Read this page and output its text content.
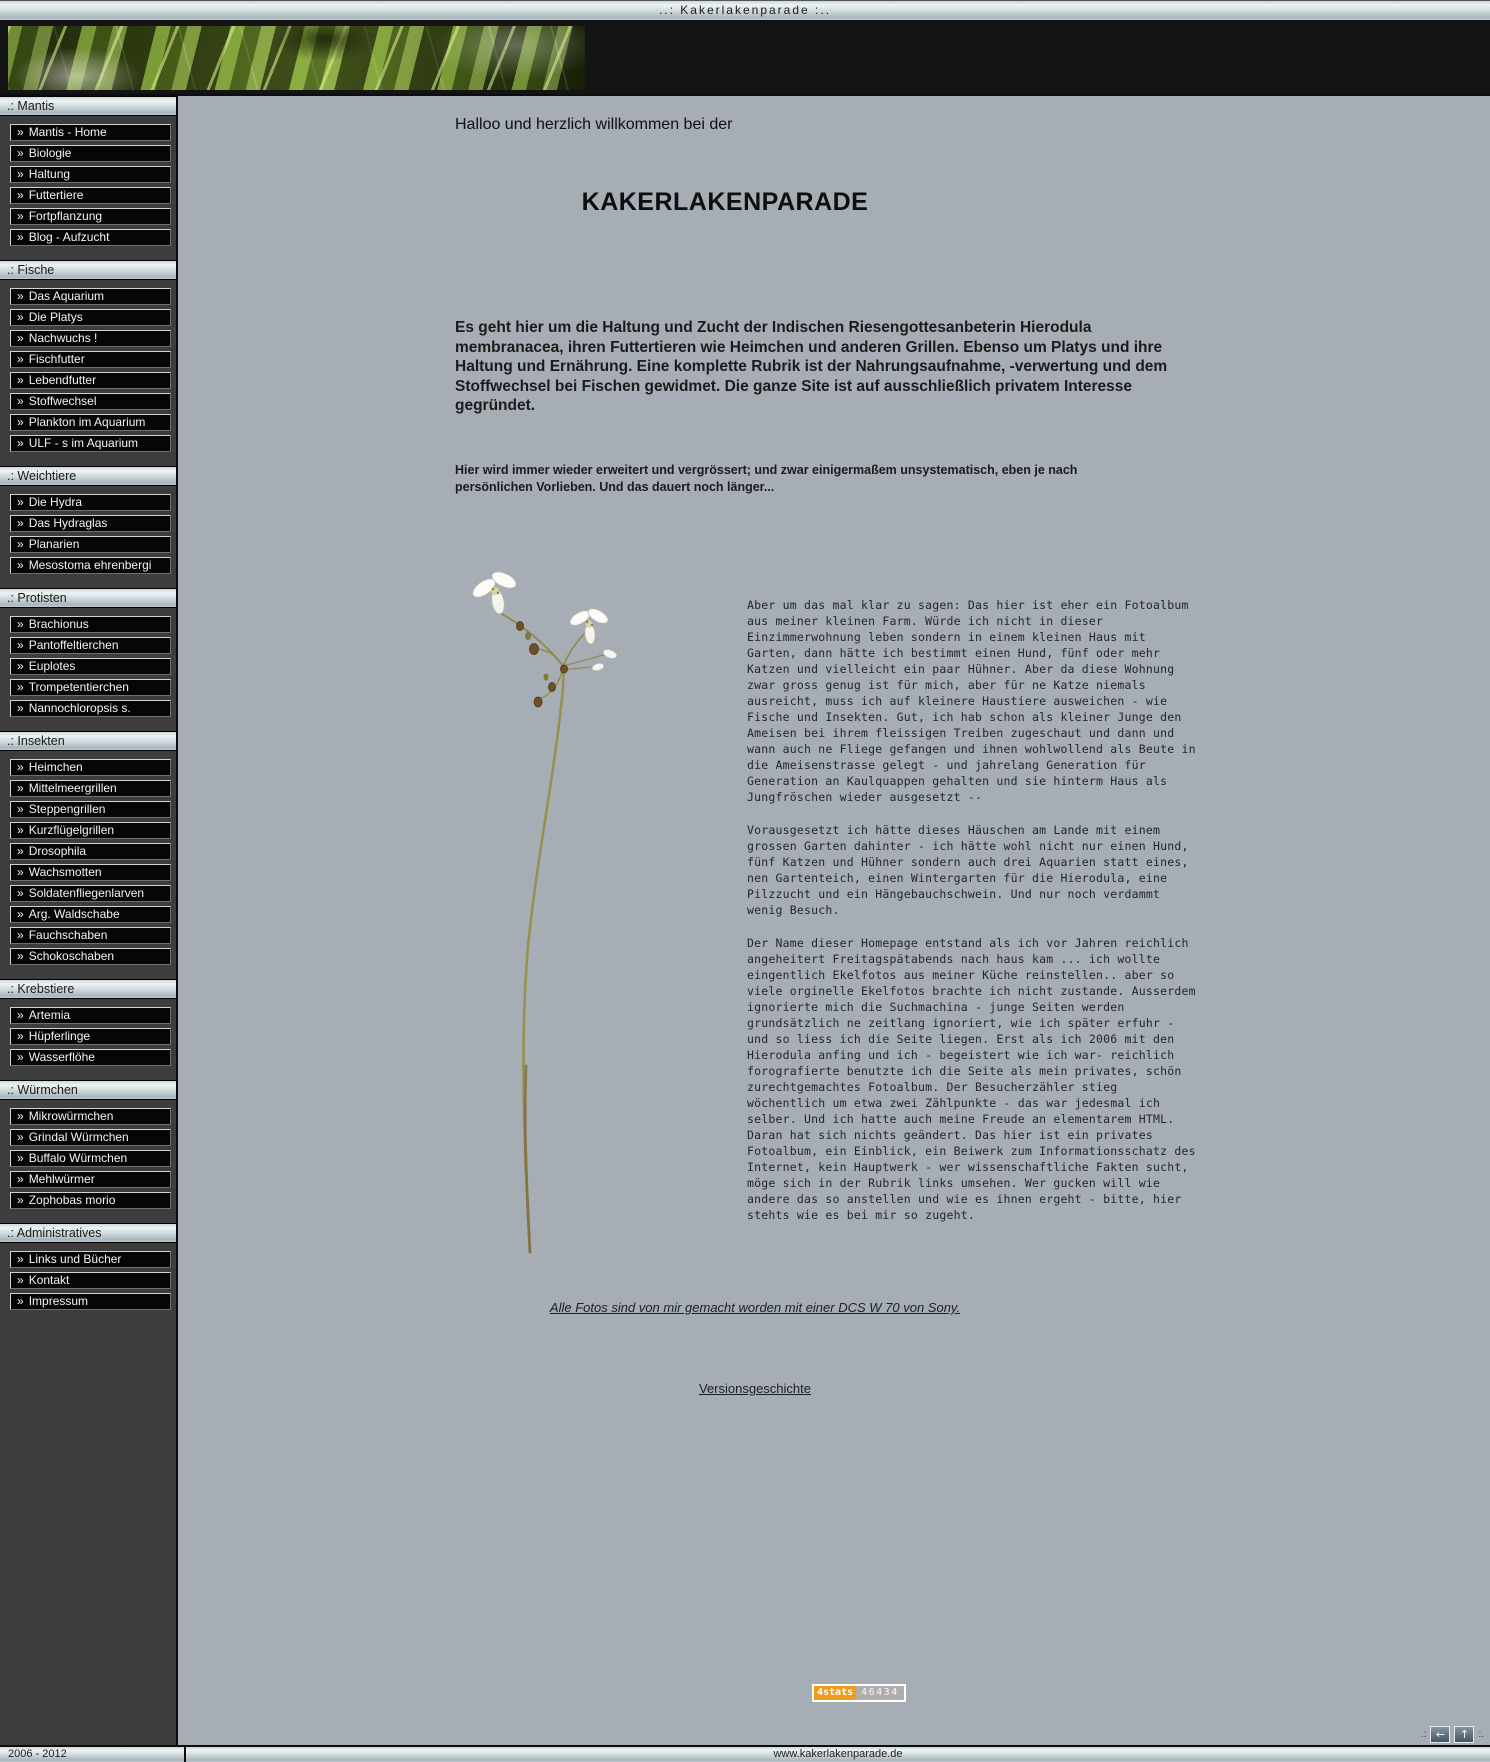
..: Kakerlakenparade :..
.: Mantis
» Mantis - Home
» Biologie
» Haltung
» Futtertiere
» Fortpflanzung
» Blog - Aufzucht
.: Fische
» Das Aquarium
» Die Platys
» Nachwuchs !
» Fischfutter
» Lebendfutter
» Stoffwechsel
» Plankton im Aquarium
» ULF - s im Aquarium
.: Weichtiere
» Die Hydra
» Das Hydraglas
» Planarien
» Mesostoma ehrenbergi
.: Protisten
» Brachionus
» Pantoffeltierchen
» Euplotes
» Trompetentierchen
» Nannochloropsis s.
.: Insekten
» Heimchen
» Mittelmeergrillen
» Steppengrillen
» Kurzflügelgrillen
» Drosophila
» Wachsmotten
» Soldatenfliegenlarven
» Arg. Waldschabe
» Fauchschaben
» Schokoschaben
.: Krebstiere
» Artemia
» Hüpferlinge
» Wasserflöhe
.: Würmchen
» Mikrowürmchen
» Grindal Würmchen
» Buffalo Würmchen
» Mehlwürmer
» Zophobas morio
.: Administratives
» Links und Bücher
» Kontakt
» Impressum
Halloo und herzlich willkommen bei der
KAKERLAKENPARADE

Es geht hier um die Haltung und Zucht der Indischen Riesengottesanbeterin Hierodula membranacea, ihren Futtertieren wie Heimchen und anderen Grillen. Ebenso um Platys und ihre Haltung und Ernährung. Eine komplette Rubrik ist der Nahrungsaufnahme, -verwertung und dem Stoffwechsel bei Fischen gewidmet. Die ganze Site ist auf ausschließlich privatem Interesse gegründet.

Hier wird immer wieder erweitert und vergrössert; und zwar einigermaßem unsystematisch, eben je nach persönlichen Vorlieben. Und das dauert noch länger...

Aber um das mal klar zu sagen: Das hier ist eher ein Fotoalbum aus meiner kleinen Farm. Würde ich nicht in dieser Einzimmerwohnung leben sondern in einem kleinen Haus mit Garten, dann hätte ich bestimmt einen Hund, fünf oder mehr Katzen und vielleicht ein paar Hühner. Aber da diese Wohnung zwar gross genug ist für mich, aber für ne Katze niemals ausreicht, muss ich auf kleinere Haustiere ausweichen - wie Fische und Insekten. Gut, ich hab schon als kleiner Junge den Ameisen bei ihrem fleissigen Treiben zugeschaut und dann und wann auch ne Fliege gefangen und ihnen wohlwollend als Beute in die Ameisenstrasse gelegt - und jahrelang Generation für Generation an Kaulquappen gehalten und sie hinterm Haus als Jungfröschen wieder ausgesetzt --

Vorausgesetzt ich hätte dieses Häuschen am Lande mit einem grossen Garten dahinter - ich hätte wohl nicht nur einen Hund, fünf Katzen und Hühner sondern auch drei Aquarien statt eines, nen Gartenteich, einen Wintergarten für die Hierodula, eine Pilzzucht und ein Hängebauchschwein. Und nur noch verdammt wenig Besuch.

Der Name dieser Homepage entstand als ich vor Jahren reichlich angeheitert Freitagspätabends nach haus kam ... ich wollte eingentlich Ekelfotos aus meiner Küche reinstellen.. aber so viele orginelle Ekelfotos brachte ich nicht zustande. Ausserdem ignorierte mich die Suchmachina - junge Seiten werden grundsätzlich ne zeitlang ignoriert, wie ich später erfuhr - und so liess ich die Seite liegen. Erst als ich 2006 mit den Hierodula anfing und ich - begeistert wie ich war- reichlich forografierte benutzte ich die Seite als mein privates, schön zurechtgemachtes Fotoalbum. Der Besucherzähler stieg wöchentlich um etwa zwei Zählpunkte - das war jedesmal ich selber. Und ich hatte auch meine Freude an elementarem HTML. Daran hat sich nichts geändert. Das hier ist ein privates Fotoalbum, ein Einblick, ein Beiwerk zum Informationsschatz des Internet, kein Hauptwerk - wer wissenschaftliche Fakten sucht, möge sich in der Rubrik links umsehen. Wer gucken will wie andere das so anstellen und wie es ihnen ergeht - bitte, hier stehts wie es bei mir so zugeht.

Alle Fotos sind von mir gemacht worden mit einer DCS W 70 von Sony.
Versionsgeschichte
4stats 46434
.: ←	↑ :.
2006 - 2012	www.kakerlakenparade.de
